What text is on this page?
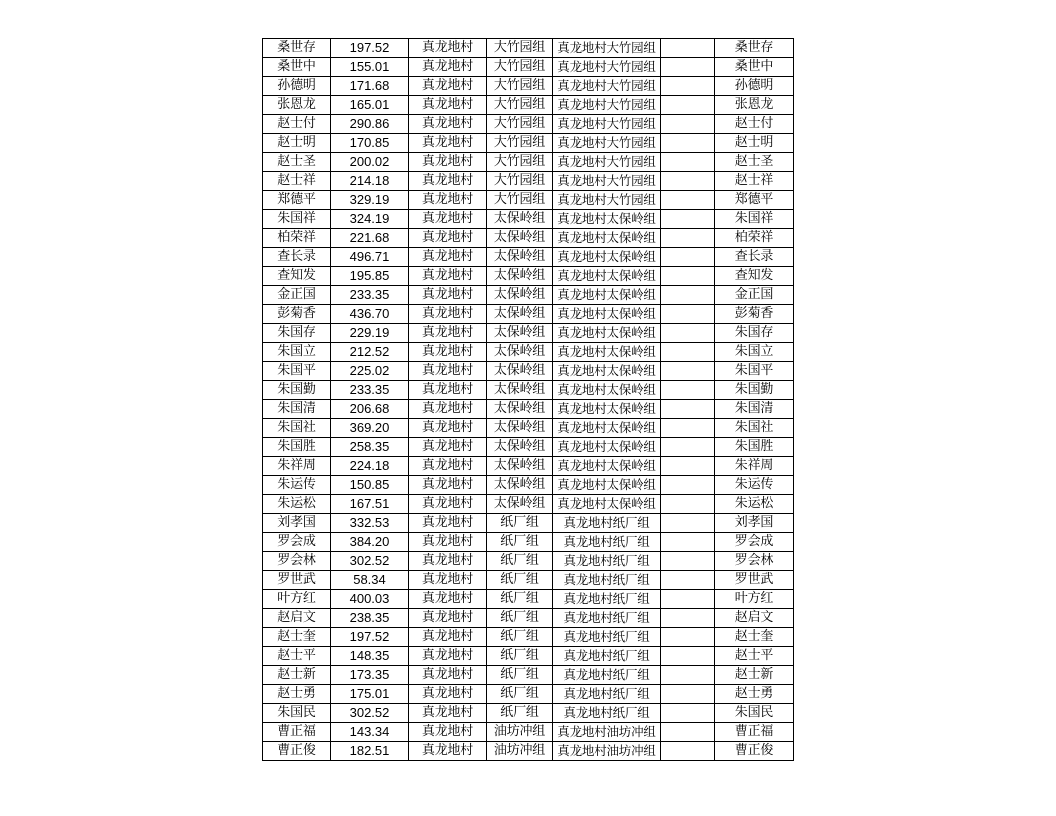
桑世存	197.52	真龙地村	大竹园组	真龙地村大竹园组		桑世存
桑世中	155.01	真龙地村	大竹园组	真龙地村大竹园组		桑世中
孙德明	171.68	真龙地村	大竹园组	真龙地村大竹园组		孙德明
张恩龙	165.01	真龙地村	大竹园组	真龙地村大竹园组		张恩龙
赵士付	290.86	真龙地村	大竹园组	真龙地村大竹园组		赵士付
赵士明	170.85	真龙地村	大竹园组	真龙地村大竹园组		赵士明
赵士圣	200.02	真龙地村	大竹园组	真龙地村大竹园组		赵士圣
赵士祥	214.18	真龙地村	大竹园组	真龙地村大竹园组		赵士祥
郑德平	329.19	真龙地村	大竹园组	真龙地村大竹园组		郑德平
朱国祥	324.19	真龙地村	太保岭组	真龙地村太保岭组		朱国祥
柏荣祥	221.68	真龙地村	太保岭组	真龙地村太保岭组		柏荣祥
查长录	496.71	真龙地村	太保岭组	真龙地村太保岭组		查长录
查知发	195.85	真龙地村	太保岭组	真龙地村太保岭组		查知发
金正国	233.35	真龙地村	太保岭组	真龙地村太保岭组		金正国
彭菊香	436.70	真龙地村	太保岭组	真龙地村太保岭组		彭菊香
朱国存	229.19	真龙地村	太保岭组	真龙地村太保岭组		朱国存
朱国立	212.52	真龙地村	太保岭组	真龙地村太保岭组		朱国立
朱国平	225.02	真龙地村	太保岭组	真龙地村太保岭组		朱国平
朱国勤	233.35	真龙地村	太保岭组	真龙地村太保岭组		朱国勤
朱国清	206.68	真龙地村	太保岭组	真龙地村太保岭组		朱国清
朱国社	369.20	真龙地村	太保岭组	真龙地村太保岭组		朱国社
朱国胜	258.35	真龙地村	太保岭组	真龙地村太保岭组		朱国胜
朱祥周	224.18	真龙地村	太保岭组	真龙地村太保岭组		朱祥周
朱运传	150.85	真龙地村	太保岭组	真龙地村太保岭组		朱运传
朱运松	167.51	真龙地村	太保岭组	真龙地村太保岭组		朱运松
刘孝国	332.53	真龙地村	纸厂组	真龙地村纸厂组		刘孝国
罗会成	384.20	真龙地村	纸厂组	真龙地村纸厂组		罗会成
罗会林	302.52	真龙地村	纸厂组	真龙地村纸厂组		罗会林
罗世武	58.34	真龙地村	纸厂组	真龙地村纸厂组		罗世武
叶方红	400.03	真龙地村	纸厂组	真龙地村纸厂组		叶方红
赵启文	238.35	真龙地村	纸厂组	真龙地村纸厂组		赵启文
赵士奎	197.52	真龙地村	纸厂组	真龙地村纸厂组		赵士奎
赵士平	148.35	真龙地村	纸厂组	真龙地村纸厂组		赵士平
赵士新	173.35	真龙地村	纸厂组	真龙地村纸厂组		赵士新
赵士勇	175.01	真龙地村	纸厂组	真龙地村纸厂组		赵士勇
朱国民	302.52	真龙地村	纸厂组	真龙地村纸厂组		朱国民
曹正福	143.34	真龙地村	油坊冲组	真龙地村油坊冲组		曹正福
曹正俊	182.51	真龙地村	油坊冲组	真龙地村油坊冲组		曹正俊
